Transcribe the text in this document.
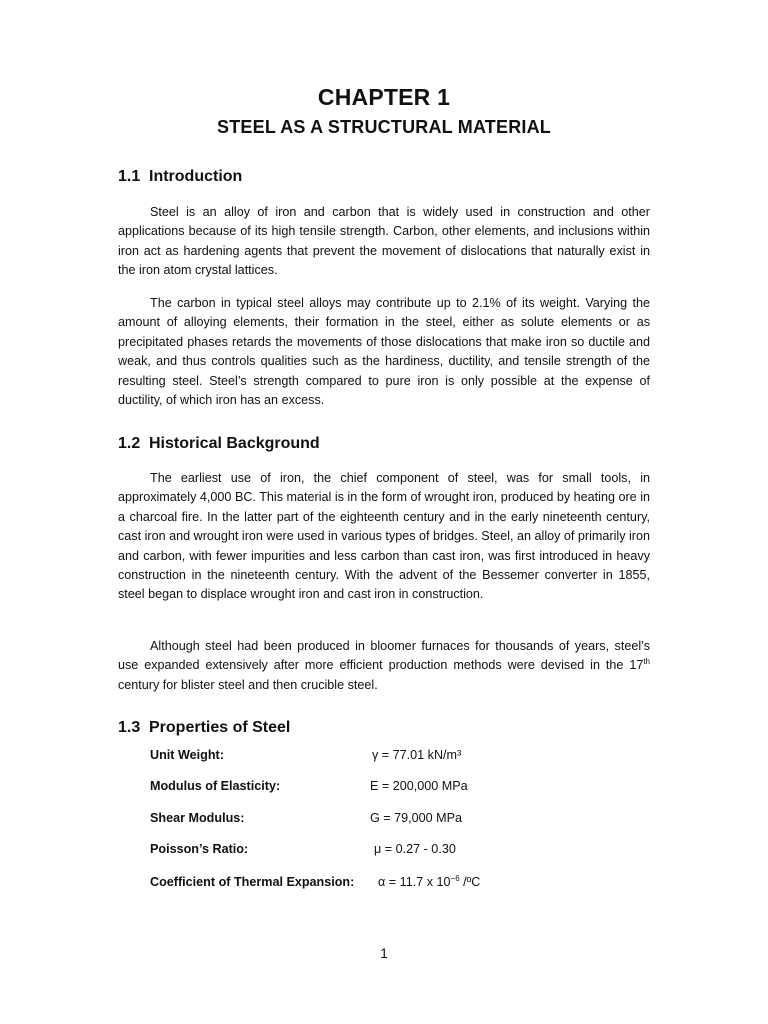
CHAPTER 1
STEEL AS A STRUCTURAL MATERIAL
1.1 Introduction

Steel is an alloy of iron and carbon that is widely used in construction and other applications because of its high tensile strength. Carbon, other elements, and inclusions within iron act as hardening agents that prevent the movement of dislocations that naturally exist in the iron atom crystal lattices.

The carbon in typical steel alloys may contribute up to 2.1% of its weight. Varying the amount of alloying elements, their formation in the steel, either as solute elements or as precipitated phases retards the movements of those dislocations that make iron so ductile and weak, and thus controls qualities such as the hardiness, ductility, and tensile strength of the resulting steel. Steel’s strength compared to pure iron is only possible at the expense of ductility, of which iron has an excess.

1.2 Historical Background

The earliest use of iron, the chief component of steel, was for small tools, in approximately 4,000 BC. This material is in the form of wrought iron, produced by heating ore in a charcoal fire. In the latter part of the eighteenth century and in the early nineteenth century, cast iron and wrought iron were used in various types of bridges. Steel, an alloy of primarily iron and carbon, with fewer impurities and less carbon than cast iron, was first introduced in heavy construction in the nineteenth century. With the advent of the Bessemer converter in 1855, steel began to displace wrought iron and cast iron in construction.

Although steel had been produced in bloomer furnaces for thousands of years, steel’s use expanded extensively after more efficient production methods were devised in the 17th century for blister steel and then crucible steel.

1.3 Properties of Steel
Unit Weight:	γ = 77.01 kN/m³
Modulus of Elasticity:	E = 200,000 MPa
Shear Modulus:	G = 79,000 MPa
Poisson’s Ratio:	μ = 0.27 - 0.30
Coefficient of Thermal Expansion: α = 11.7 x $10^{-6}$ /ºC
1
